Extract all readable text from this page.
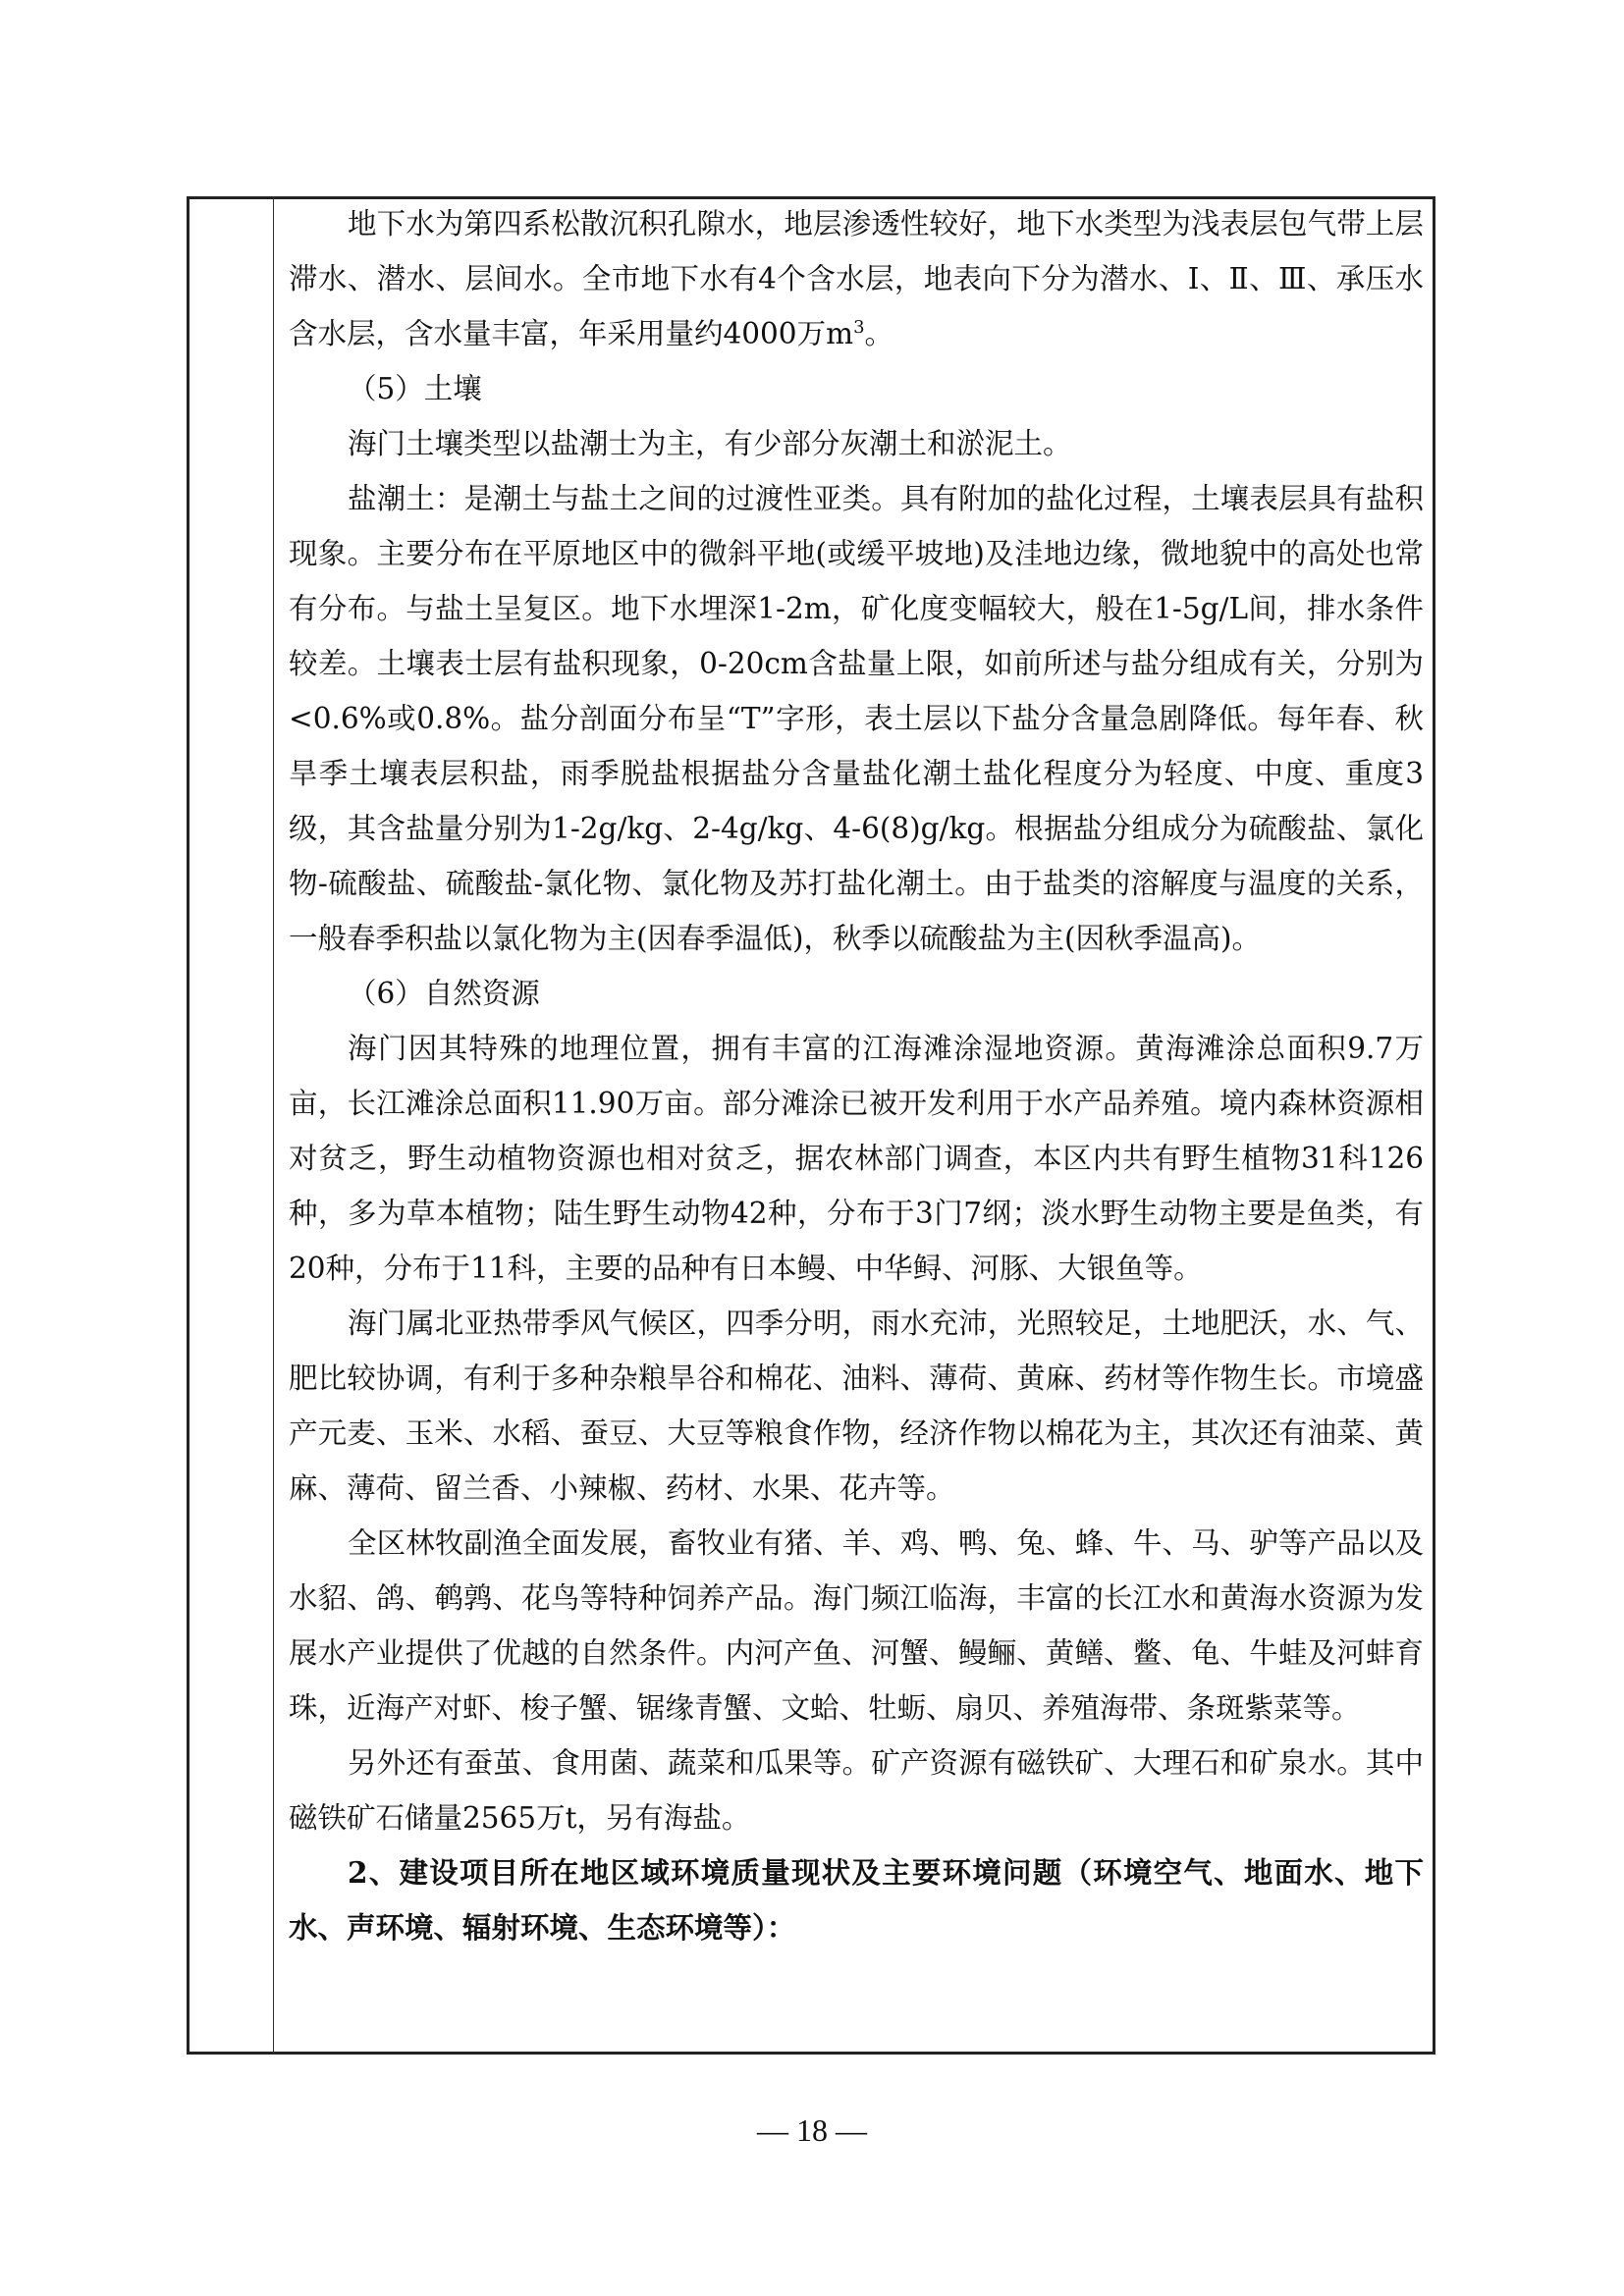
地下水为第四系松散沉积孔隙水，地层渗透性较好，地下水类型为浅表层包气带上层滞水、潜水、层间水。全市地下水有4个含水层，地表向下分为潜水、Ⅰ、Ⅱ、Ⅲ、承压水含水层，含水量丰富，年采用量约4000万$m^3$。

（5）土壤

海门土壤类型以盐潮士为主，有少部分灰潮土和淤泥土。

盐潮土：是潮土与盐土之间的过渡性亚类。具有附加的盐化过程，土壤表层具有盐积现象。主要分布在平原地区中的微斜平地(或缓平坡地)及洼地边缘，微地貌中的高处也常有分布。与盐土呈复区。地下水埋深1-2m，矿化度变幅较大，般在1-5g/L间，排水条件较差。土壤表士层有盐积现象，0-20cm含盐量上限，如前所述与盐分组成有关，分别为<0.6%或0.8%。盐分剖面分布呈“T”字形，表土层以下盐分含量急剧降低。每年春、秋旱季土壤表层积盐，雨季脱盐根据盐分含量盐化潮土盐化程度分为轻度、中度、重度3级，其含盐量分别为1-2g/kg、2-4g/kg、4-6(8)g/kg。根据盐分组成分为硫酸盐、氯化物-硫酸盐、硫酸盐-氯化物、氯化物及苏打盐化潮土。由于盐类的溶解度与温度的关系，一般春季积盐以氯化物为主(因春季温低)，秋季以硫酸盐为主(因秋季温高)。

（6）自然资源

海门因其特殊的地理位置，拥有丰富的江海滩涂湿地资源。黄海滩涂总面积9.7万亩，长江滩涂总面积11.90万亩。部分滩涂已被开发利用于水产品养殖。境内森林资源相对贫乏，野生动植物资源也相对贫乏，据农林部门调查，本区内共有野生植物31科126种，多为草本植物；陆生野生动物42种，分布于3门7纲；淡水野生动物主要是鱼类，有20种，分布于11科，主要的品种有日本鳗、中华鲟、河豚、大银鱼等。

海门属北亚热带季风气候区，四季分明，雨水充沛，光照较足，土地肥沃，水、气、肥比较协调，有利于多种杂粮旱谷和棉花、油料、薄荷、黄麻、药材等作物生长。市境盛产元麦、玉米、水稻、蚕豆、大豆等粮食作物，经济作物以棉花为主，其次还有油菜、黄麻、薄荷、留兰香、小辣椒、药材、水果、花卉等。

全区林牧副渔全面发展，畜牧业有猪、羊、鸡、鸭、兔、蜂、牛、马、驴等产品以及水貂、鸽、鹌鹑、花鸟等特种饲养产品。海门频江临海，丰富的长江水和黄海水资源为发展水产业提供了优越的自然条件。内河产鱼、河蟹、鳗鲡、黄鳝、鳖、龟、牛蛙及河蚌育珠，近海产对虾、梭子蟹、锯缘青蟹、文蛤、牡蛎、扇贝、养殖海带、条斑紫菜等。

另外还有蚕茧、食用菌、蔬菜和瓜果等。矿产资源有磁铁矿、大理石和矿泉水。其中磁铁矿石储量2565万t，另有海盐。

2、建设项目所在地区域环境质量现状及主要环境问题（环境空气、地面水、地下水、声环境、辐射环境、生态环境等）：

— 18 —
